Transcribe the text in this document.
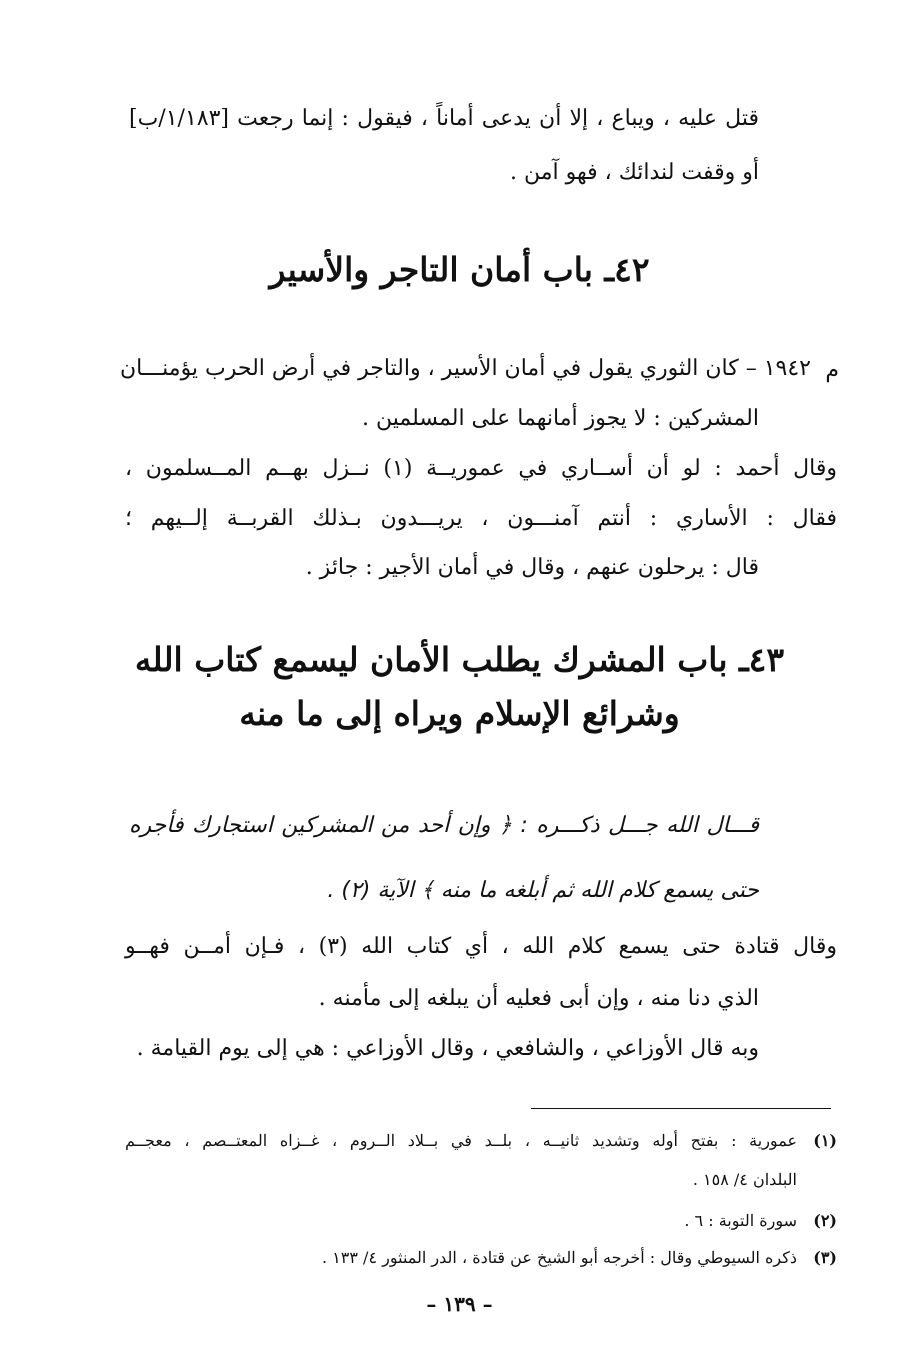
قتل عليه ، ويباع ، إلا أن يدعى أماناً ، فيقول : إنما رجعت [١/١٨٣/ب]
أو وقفت لندائك ، فهو آمن .
٤٢ـ باب أمان التاجر والأسير
م
١٩٤٢ – كان الثوري يقول في أمان الأسير ، والتاجر في أرض الحرب يؤمنـــان
المشركين : لا يجوز أمانهما على المسلمين .
وقال أحمد : لو أن أســاري في عموريــة (١) نــزل بهــم المــسلمون ،
فقال : الأساري : أنتم آمنـــون ، يريـــدون بـذلك القربــة إلــيهم ؛
قال : يرحلون عنهم ، وقال في أمان الأجير : جائز .
٤٣ـ باب المشرك يطلب الأمان ليسمع كتاب الله
وشرائع الإسلام ويراه إلى ما منه
قـــال الله جـــل ذكـــره : ﴿ وإن أحد من المشركين استجارك فأجره
حتى يسمع كلام الله ثم أبلغه ما منه ﴾ الآية (٢) .
وقال قتادة حتى يسمع كلام الله ، أي كتاب الله (٣) ، فـإن أمــن فهــو
الذي دنا منه ، وإن أبى فعليه أن يبلغه إلى مأمنه .
وبه قال الأوزاعي ، والشافعي ، وقال الأوزاعي : هي إلى يوم القيامة .
(١)
عمورية : بفتح أوله وتشديد ثانيــه ، بلــد في بــلاد الــروم ، غــزاه المعتــصم ، معجــم
البلدان ٤/ ١٥٨ .
(٢)
سورة التوبة : ٦ .
(٣)
ذكره السيوطي وقال : أخرجه أبو الشيخ عن قتادة ، الدر المنثور ٤/ ١٣٣ .
– ١٣٩ –
